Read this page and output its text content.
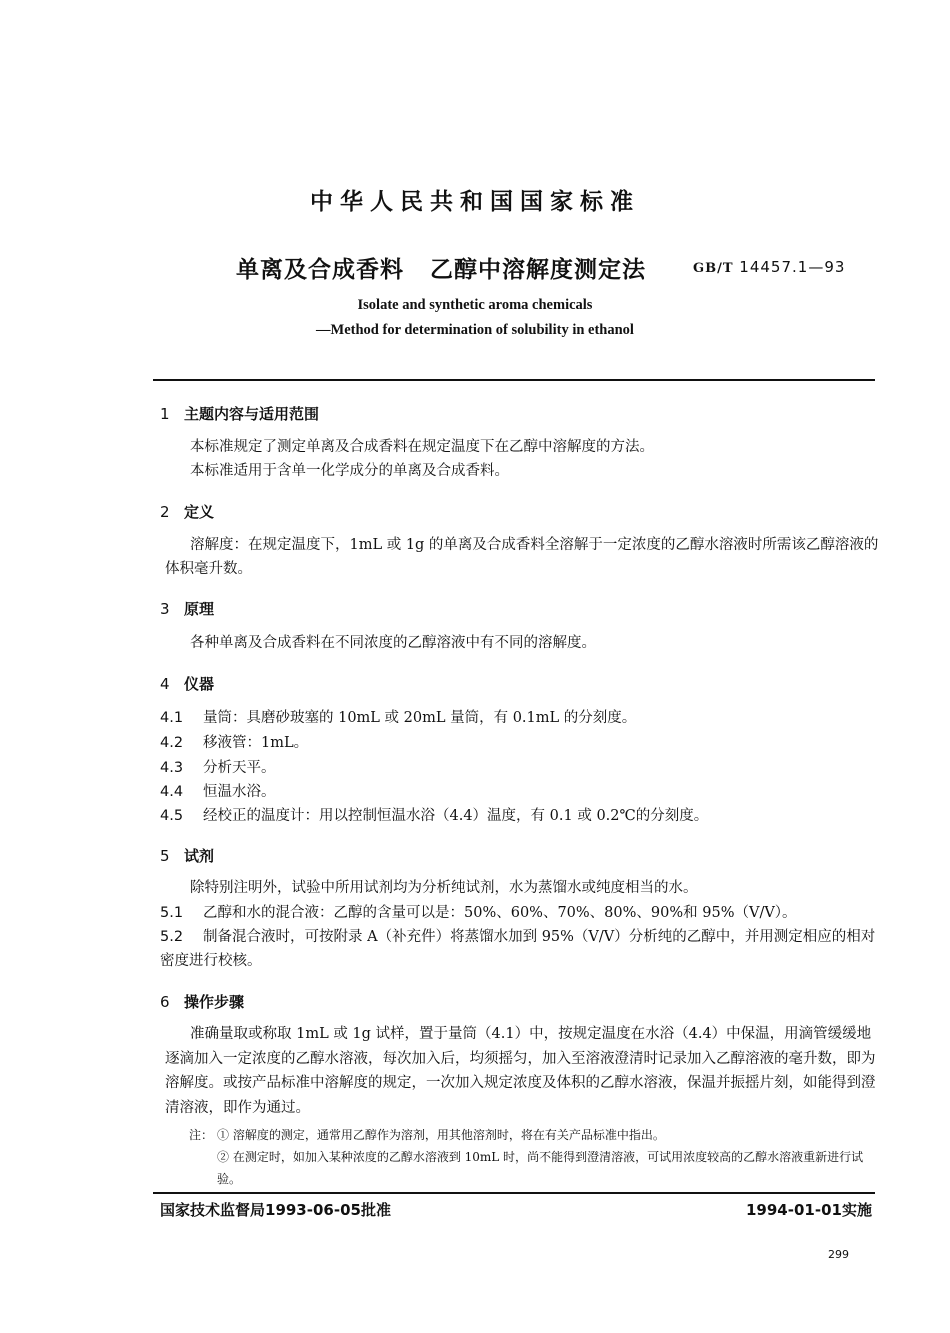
中华人民共和国国家标准
单离及合成香料 乙醇中溶解度测定法	GB/T 14457.1—93
Isolate and synthetic aroma chemicals
—Method for determination of solubility in ethanol
1 主题内容与适用范围
本标准规定了测定单离及合成香料在规定温度下在乙醇中溶解度的方法。
本标准适用于含单一化学成分的单离及合成香料。
2 定义
溶解度：在规定温度下，1mL 或 1g 的单离及合成香料全溶解于一定浓度的乙醇水溶液时所需该乙醇溶液的体积毫升数。
3 原理
各种单离及合成香料在不同浓度的乙醇溶液中有不同的溶解度。
4 仪器
4.1 量筒：具磨砂玻塞的 10mL 或 20mL 量筒，有 0.1mL 的分刻度。
4.2 移液管：1mL。
4.3 分析天平。
4.4 恒温水浴。
4.5 经校正的温度计：用以控制恒温水浴（4.4）温度，有 0.1 或 0.2℃的分刻度。
5 试剂
除特别注明外，试验中所用试剂均为分析纯试剂，水为蒸馏水或纯度相当的水。
5.1 乙醇和水的混合液：乙醇的含量可以是：50%、60%、70%、80%、90%和 95%（V/V）。
5.2 制备混合液时，可按附录 A（补充件）将蒸馏水加到 95%（V/V）分析纯的乙醇中，并用测定相应的相对密度进行校核。
6 操作步骤
准确量取或称取 1mL 或 1g 试样，置于量筒（4.1）中，按规定温度在水浴（4.4）中保温，用滴管缓缓地逐滴加入一定浓度的乙醇水溶液，每次加入后，均须摇匀，加入至溶液澄清时记录加入乙醇溶液的毫升数，即为溶解度。或按产品标准中溶解度的规定，一次加入规定浓度及体积的乙醇水溶液，保温并振摇片刻，如能得到澄清溶液，即作为通过。
注： ① 溶解度的测定，通常用乙醇作为溶剂，用其他溶剂时，将在有关产品标准中指出。
② 在测定时，如加入某种浓度的乙醇水溶液到 10mL 时，尚不能得到澄清溶液，可试用浓度较高的乙醇水溶液重新进行试验。
国家技术监督局1993-06-05批准	1994-01-01实施
299
